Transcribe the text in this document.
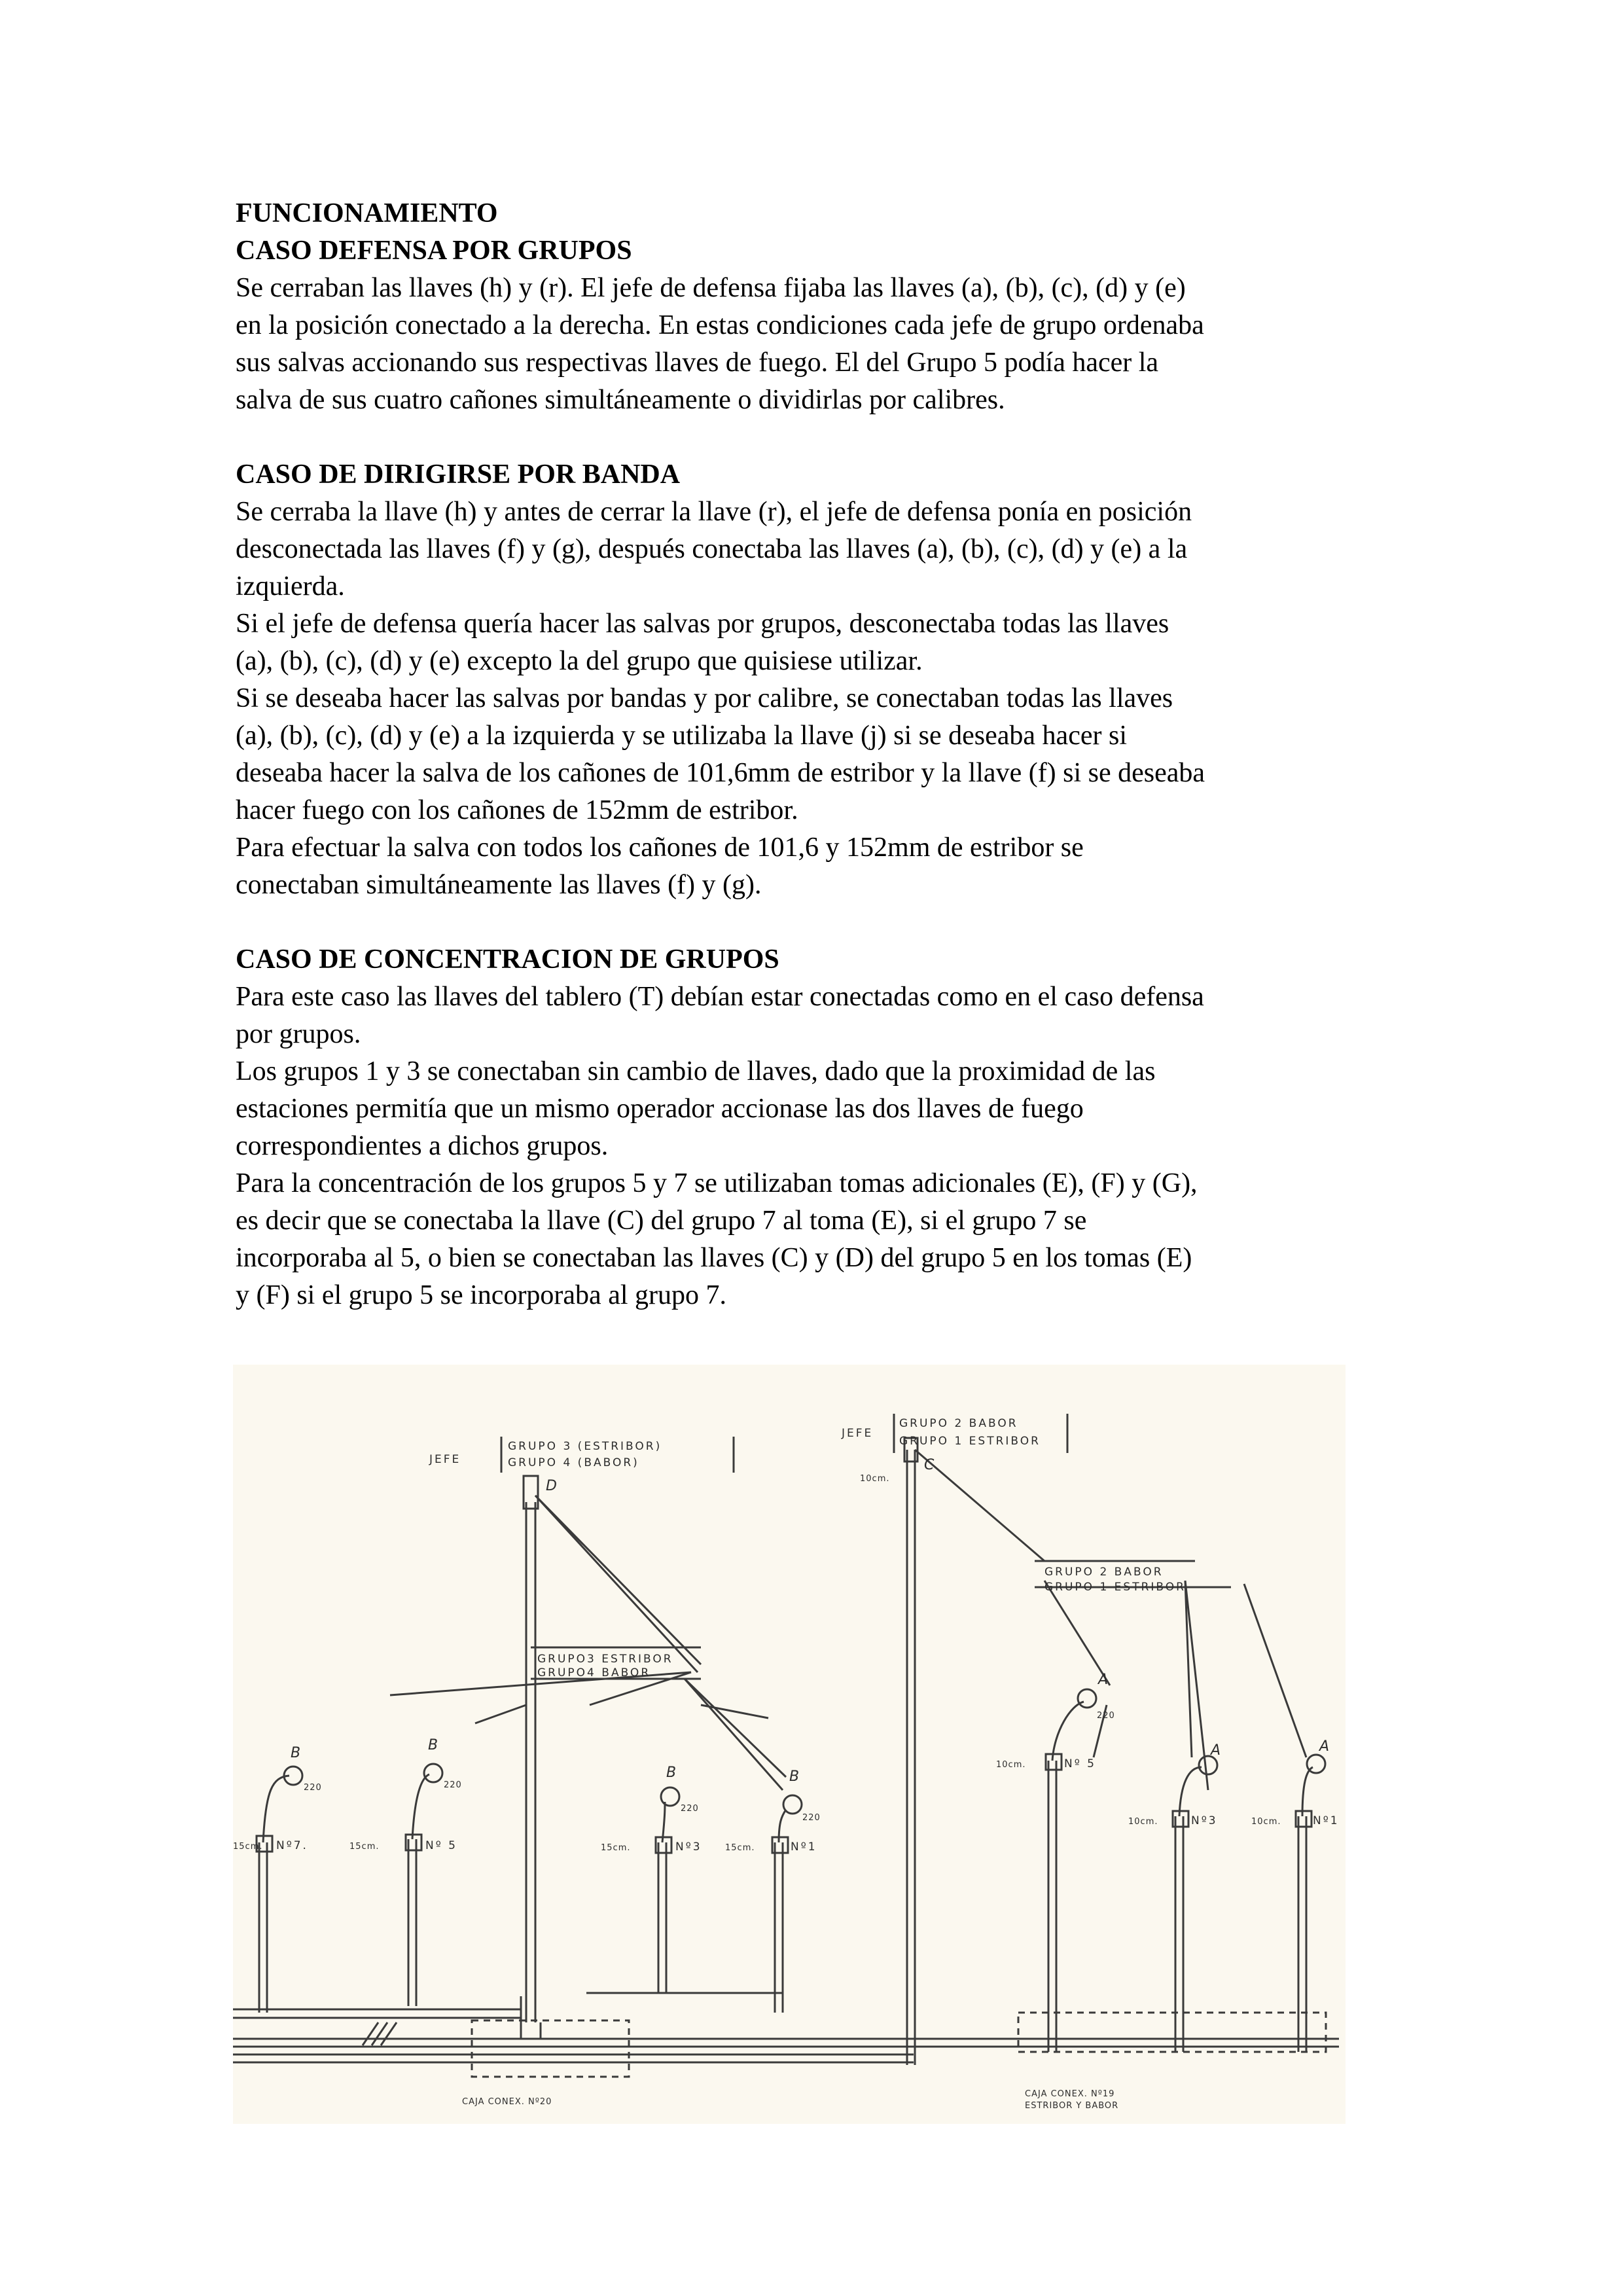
FUNCIONAMIENTO

CASO DEFENSA POR GRUPOS

Se cerraban las llaves (h) y (r). El jefe de defensa fijaba las llaves (a), (b), (c), (d) y (e)

en la posición conectado a la derecha. En estas condiciones cada jefe de grupo ordenaba

sus salvas accionando sus respectivas llaves de fuego. El del Grupo 5 podía hacer la

salva de sus cuatro cañones simultáneamente o dividirlas por calibres.

CASO DE DIRIGIRSE POR BANDA

Se cerraba la llave (h) y antes de cerrar la llave (r), el jefe de defensa ponía en posición

desconectada las llaves (f) y (g), después conectaba las llaves (a), (b), (c), (d) y (e) a la

izquierda.

Si el jefe de defensa quería hacer las salvas por grupos, desconectaba todas las llaves

(a), (b), (c), (d) y (e) excepto la del grupo que quisiese utilizar.

Si se deseaba hacer las salvas por bandas y por calibre, se conectaban todas las llaves

(a), (b), (c), (d) y (e) a la izquierda y se utilizaba la llave (j) si se deseaba hacer si

deseaba hacer la salva de los cañones de 101,6mm de estribor y la llave (f) si se deseaba

hacer fuego con los cañones de 152mm de estribor.

Para efectuar la salva con todos los cañones de 101,6 y 152mm de estribor se

conectaban simultáneamente las llaves (f) y (g).

CASO DE CONCENTRACION DE GRUPOS

Para este caso las llaves del tablero (T) debían estar conectadas como en el caso defensa

por grupos.

Los grupos 1 y 3 se conectaban sin cambio de llaves, dado que la proximidad de las

estaciones permitía que un mismo operador accionase las dos llaves de fuego

correspondientes a dichos grupos.

Para la concentración de los grupos 5 y 7 se utilizaban tomas adicionales (E), (F) y (G),

es decir que se conectaba la llave (C) del grupo 7 al toma (E), si el grupo 7 se

incorporaba al 5, o bien se conectaban las llaves (C) y (D) del grupo 5 en los tomas (E)

y (F) si el grupo 5 se incorporaba al grupo 7.

JEFE
GRUPO 3 (ESTRIBOR)
GRUPO 4 (BABOR)
D
GRUPO3 ESTRIBOR
GRUPO4 BABOR
B
220
15cm. Nº7.
B
220
15cm.	Nº 5
B
220
15cm.	Nº3
B
220
15cm.	Nº1
CAJA CONEX. Nº20
JEFE
GRUPO 2 BABOR
GRUPO 1 ESTRIBOR
C
10cm.
GRUPO 2 BABOR
GRUPO 1 ESTRIBOR
A
220
10cm.	Nº 5
A
10cm.	Nº3
A
10cm.	Nº1
CAJA CONEX. Nº19
ESTRIBOR Y BABOR
